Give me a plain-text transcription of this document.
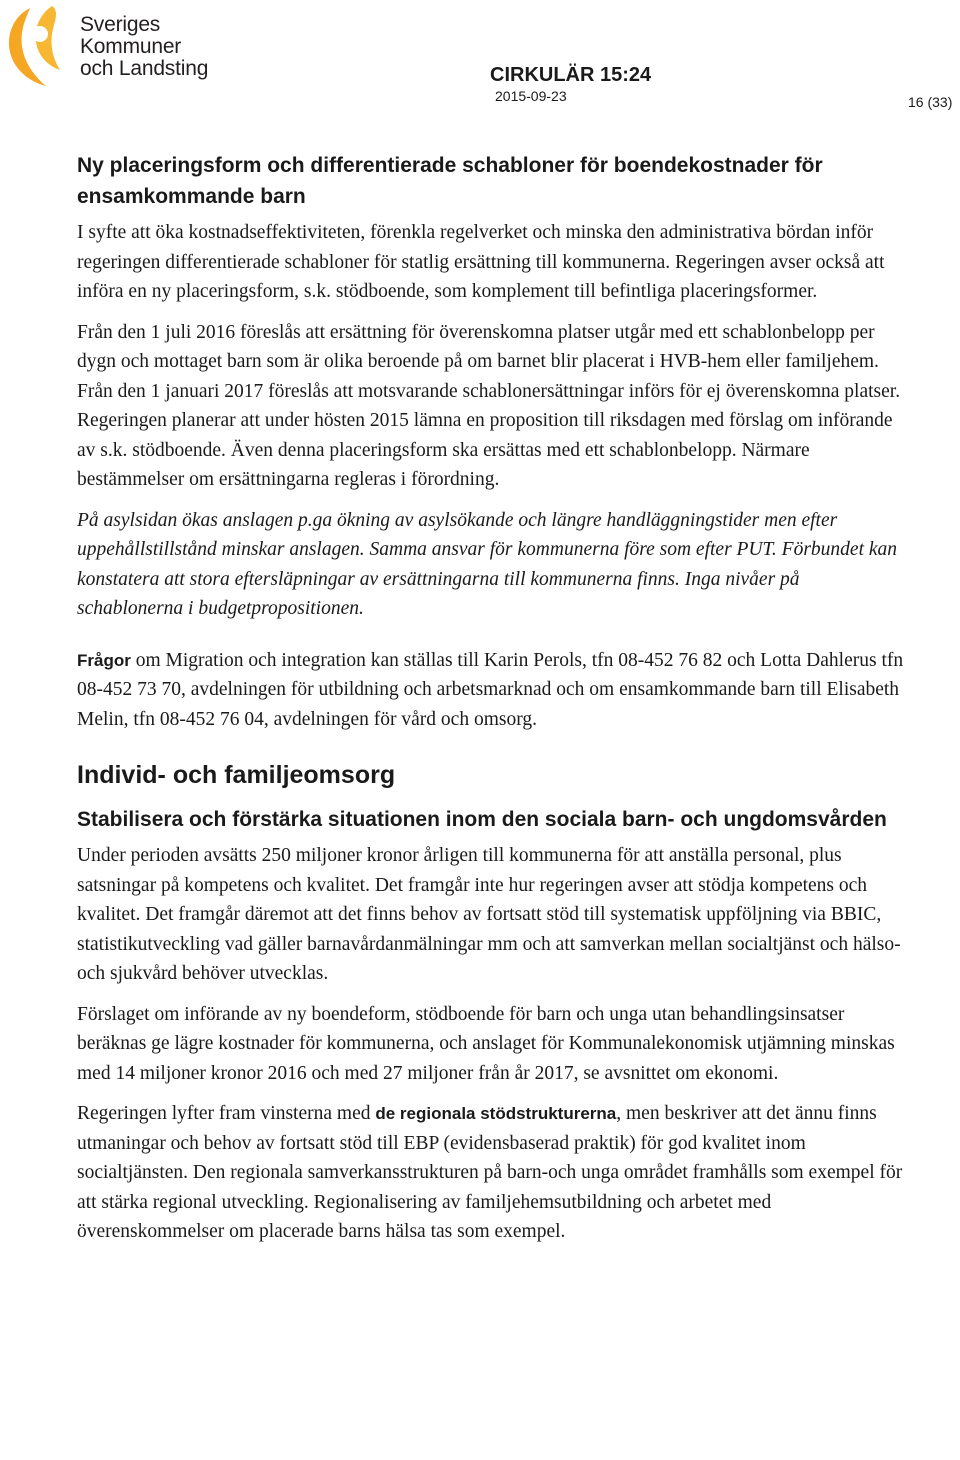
Sveriges
Kommuner
och Landsting	CIRKULÄR 15:24
2015-09-23	16 (33)
Ny placeringsform och differentierade schabloner för boendekostnader för ensamkommande barn

I syfte att öka kostnadseffektiviteten, förenkla regelverket och minska den administrativa bördan inför regeringen differentierade schabloner för statlig ersättning till kommunerna. Regeringen avser också att införa en ny placeringsform, s.k. stödboende, som komplement till befintliga placeringsformer.

Från den 1 juli 2016 föreslås att ersättning för överenskomna platser utgår med ett schablonbelopp per dygn och mottaget barn som är olika beroende på om barnet blir placerat i HVB-hem eller familjehem. Från den 1 januari 2017 föreslås att motsvarande schablonersättningar införs för ej överenskomna platser. Regeringen planerar att under hösten 2015 lämna en proposition till riksdagen med förslag om införande av s.k. stödboende. Även denna placeringsform ska ersättas med ett schablonbelopp. Närmare bestämmelser om ersättningarna regleras i förordning.

På asylsidan ökas anslagen p.ga ökning av asylsökande och längre handläggningstider men efter uppehållstillstånd minskar anslagen. Samma ansvar för kommunerna före som efter PUT. Förbundet kan konstatera att stora eftersläpningar av ersättningarna till kommunerna finns. Inga nivåer på schablonerna i budgetpropositionen.

Frågor om Migration och integration kan ställas till Karin Perols, tfn 08-452 76 82 och Lotta Dahlerus tfn 08-452 73 70, avdelningen för utbildning och arbetsmarknad och om ensamkommande barn till Elisabeth Melin, tfn 08-452 76 04, avdelningen för vård och omsorg.

Individ- och familjeomsorg
Stabilisera och förstärka situationen inom den sociala barn- och ungdomsvården

Under perioden avsätts 250 miljoner kronor årligen till kommunerna för att anställa personal, plus satsningar på kompetens och kvalitet. Det framgår inte hur regeringen avser att stödja kompetens och kvalitet. Det framgår däremot att det finns behov av fortsatt stöd till systematisk uppföljning via BBIC, statistikutveckling vad gäller barnavårdanmälningar mm och att samverkan mellan socialtjänst och hälso-och sjukvård behöver utvecklas.

Förslaget om införande av ny boendeform, stödboende för barn och unga utan behandlingsinsatser beräknas ge lägre kostnader för kommunerna, och anslaget för Kommunalekonomisk utjämning minskas med 14 miljoner kronor 2016 och med 27 miljoner från år 2017, se avsnittet om ekonomi.

Regeringen lyfter fram vinsterna med de regionala stödstrukturerna, men beskriver att det ännu finns utmaningar och behov av fortsatt stöd till EBP (evidensbaserad praktik) för god kvalitet inom socialtjänsten. Den regionala samverkansstrukturen på barn-och unga området framhålls som exempel för att stärka regional utveckling. Regionalisering av familjehemsutbildning och arbetet med överenskommelser om placerade barns hälsa tas som exempel.
